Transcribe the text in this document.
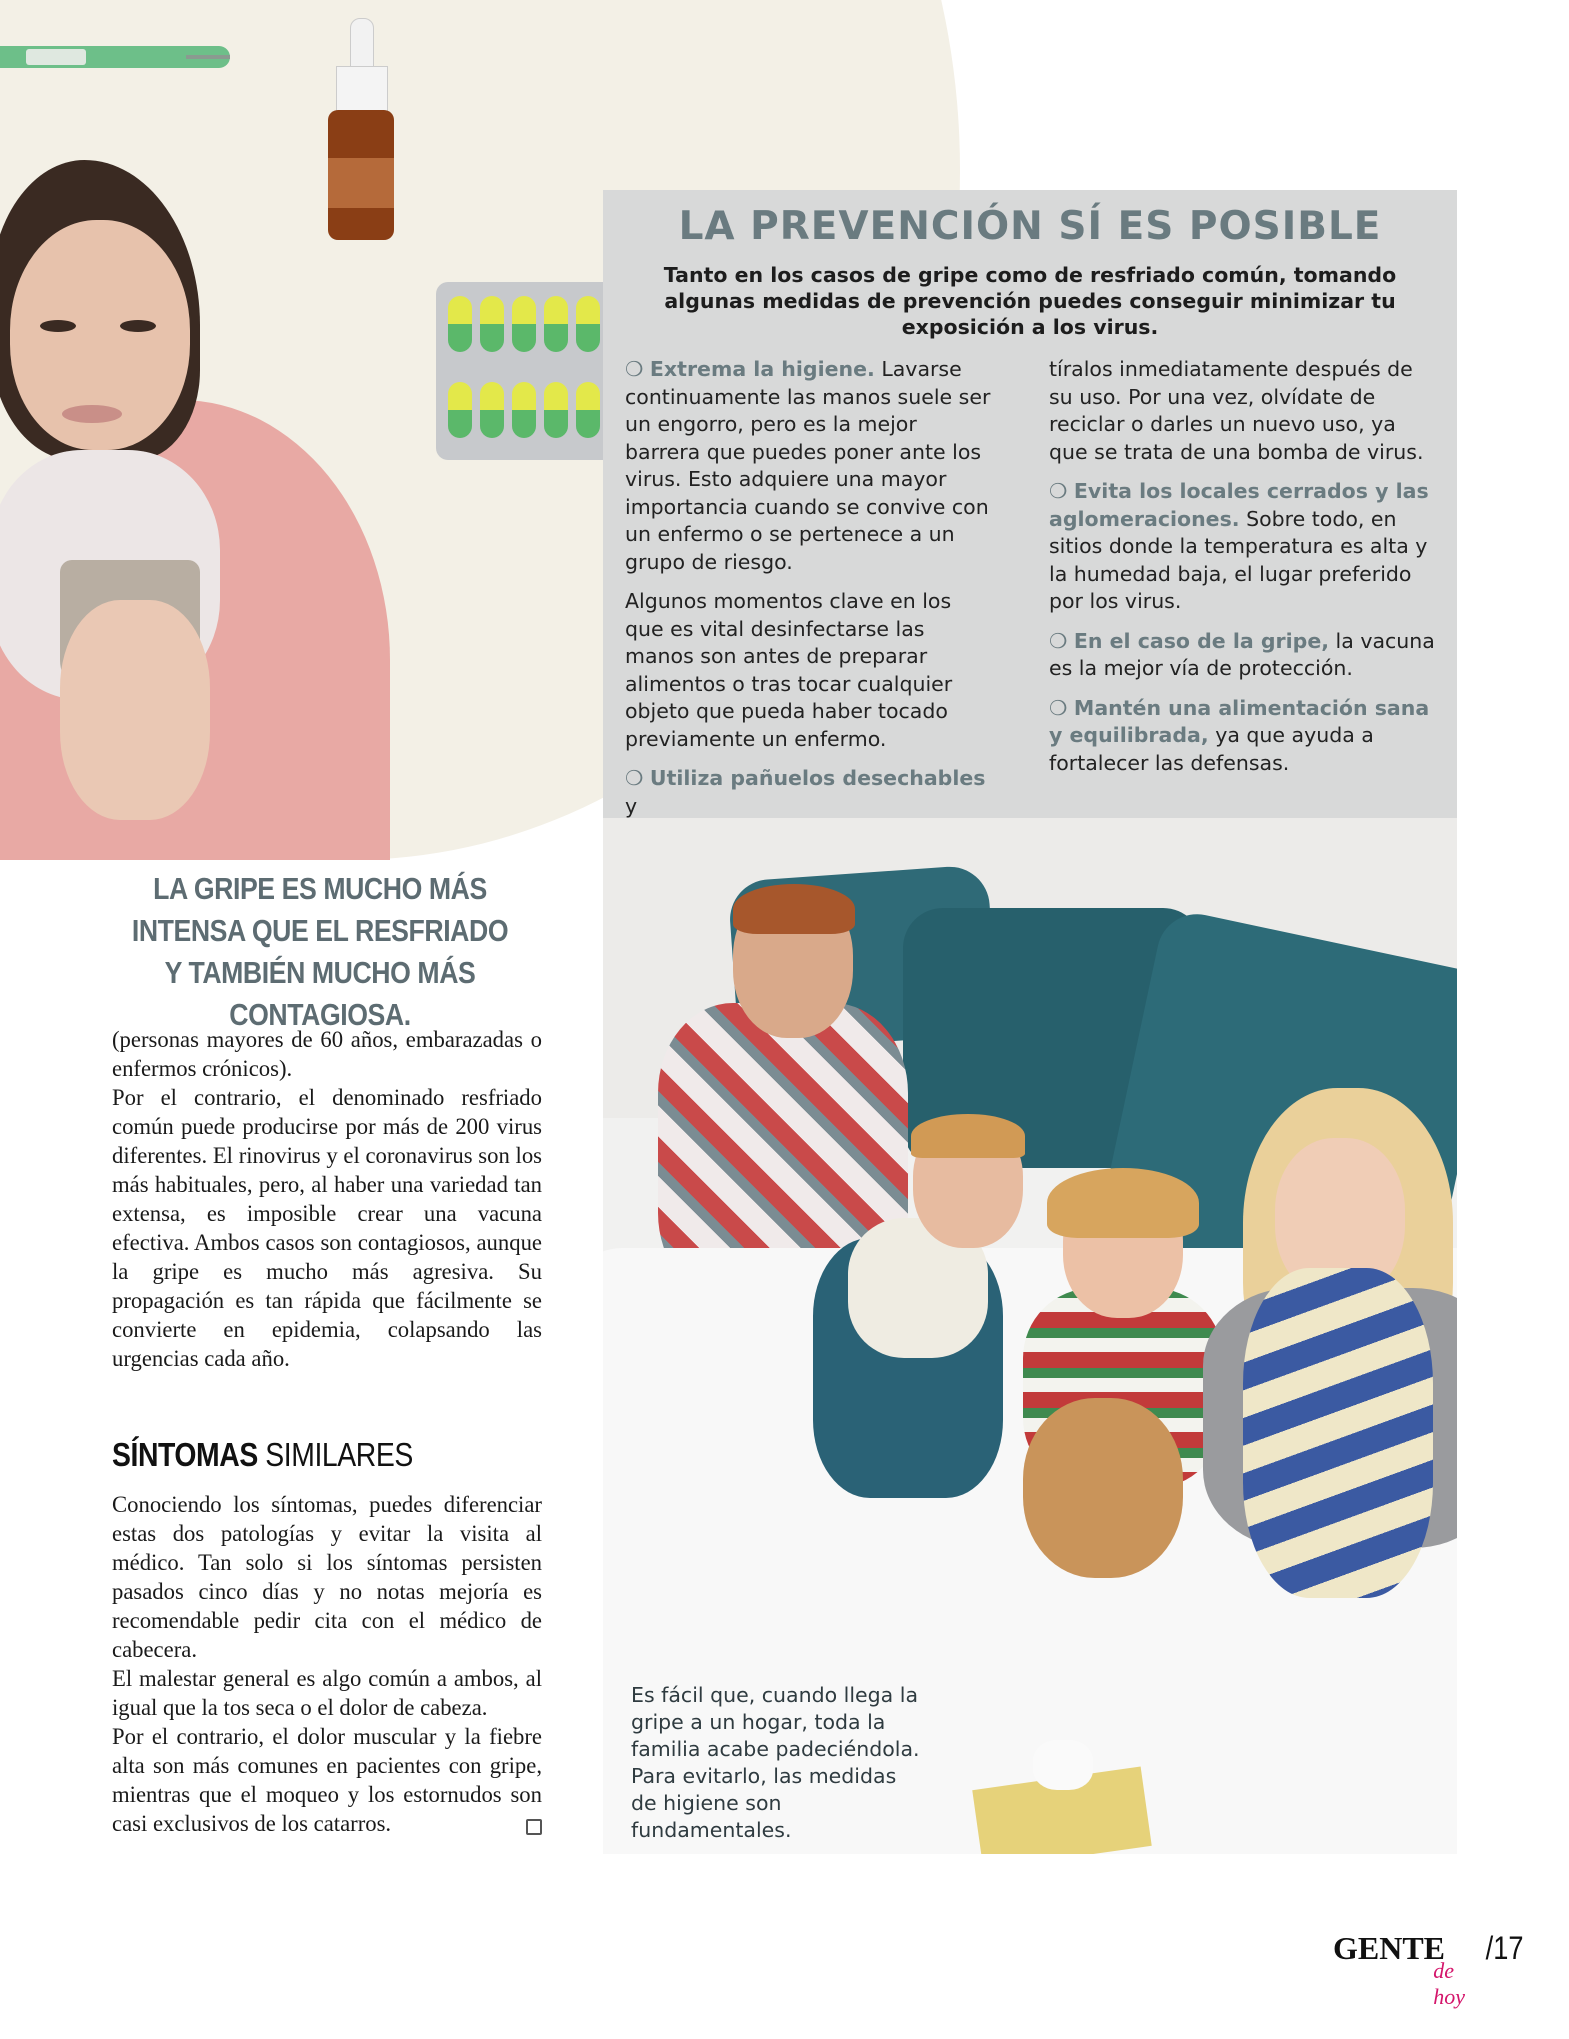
LA PREVENCIÓN SÍ ES POSIBLE
Tanto en los casos de gripe como de resfriado común, tomando algunas medidas de prevención puedes conseguir minimizar tu exposición a los virus.

❍ Extrema la higiene. Lavarse continuamente las manos suele ser un engorro, pero es la mejor barrera que puedes poner ante los virus. Esto adquiere una mayor importancia cuando se convive con un enfermo o se pertenece a un grupo de riesgo.

Algunos momentos clave en los que es vital desinfectarse las manos son antes de preparar alimentos o tras tocar cualquier objeto que pueda haber tocado previamente un enfermo.

❍ Utiliza pañuelos desechables y

tíralos inmediatamente después de su uso. Por una vez, olvídate de reciclar o darles un nuevo uso, ya que se trata de una bomba de virus.

❍ Evita los locales cerrados y las aglomeraciones. Sobre todo, en sitios donde la temperatura es alta y la humedad baja, el lugar preferido por los virus.

❍ En el caso de la gripe, la vacuna es la mejor vía de protección.

❍ Mantén una alimentación sana y equilibrada, ya que ayuda a fortalecer las defensas.

Es fácil que, cuando llega la gripe a un hogar, toda la familia acabe padeciéndola. Para evitarlo, las medidas de higiene son fundamentales.
LA GRIPE ES MUCHO MÁS INTENSA QUE EL RESFRIADO Y TAMBIÉN MUCHO MÁS CONTAGIOSA.

(personas mayores de 60 años, embarazadas o enfermos crónicos).

Por el contrario, el denominado resfriado común puede producirse por más de 200 virus diferentes. El rinovirus y el coronavirus son los más habituales, pero, al haber una variedad tan extensa, es imposible crear una vacuna efectiva. Ambos casos son contagiosos, aunque la gripe es mucho más agresiva. Su propagación es tan rápida que fácilmente se convierte en epidemia, colapsando las urgencias cada año.

SÍNTOMAS SIMILARES

Conociendo los síntomas, puedes diferenciar estas dos patologías y evitar la visita al médico. Tan solo si los síntomas persisten pasados cinco días y no notas mejoría es recomendable pedir cita con el médico de cabecera.

El malestar general es algo común a ambos, al igual que la tos seca o el dolor de cabeza.

Por el contrario, el dolor muscular y la fiebre alta son más comunes en pacientes con gripe, mientras que el moqueo y los estornudos son casi exclusivos de los catarros.

GENTE
de hoy
/17
